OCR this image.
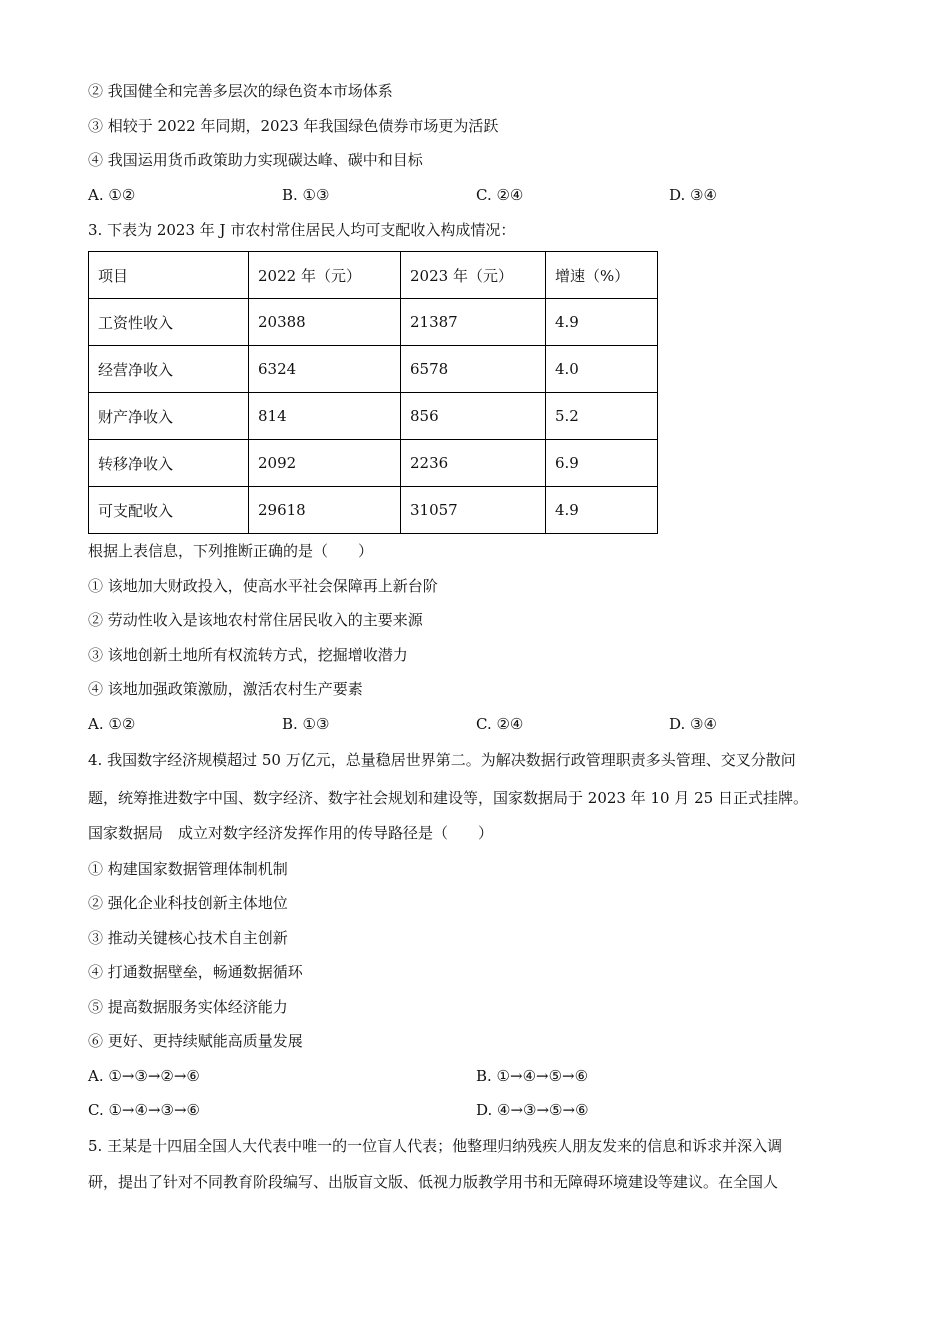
② 我国健全和完善多层次的绿色资本市场体系
③ 相较于 2022 年同期，2023 年我国绿色债券市场更为活跃
④ 我国运用货币政策助力实现碳达峰、碳中和目标
A. ①②	B. ①③	C. ②④	D. ③④
3. 下表为 2023 年 J 市农村常住居民人均可支配收入构成情况：
项目	2022 年（元）	2023 年（元）	增速（%）
工资性收入	20388	21387	4.9
经营净收入	6324	6578	4.0
财产净收入	814	856	5.2
转移净收入	2092	2236	6.9
可支配收入	29618	31057	4.9
根据上表信息，下列推断正确的是（　　）
① 该地加大财政投入，使高水平社会保障再上新台阶
② 劳动性收入是该地农村常住居民收入的主要来源
③ 该地创新土地所有权流转方式，挖掘增收潜力
④ 该地加强政策激励，激活农村生产要素
A. ①②	B. ①③	C. ②④	D. ③④
4. 我国数字经济规模超过 50 万亿元，总量稳居世界第二。为解决数据行政管理职责多头管理、交叉分散问
题，统筹推进数字中国、数字经济、数字社会规划和建设等，国家数据局于 2023 年 10 月 25 日正式挂牌。
国家数据局　成立对数字经济发挥作用的传导路径是（　　）
① 构建国家数据管理体制机制
② 强化企业科技创新主体地位
③ 推动关键核心技术自主创新
④ 打通数据壁垒，畅通数据循环
⑤ 提高数据服务实体经济能力
⑥ 更好、更持续赋能高质量发展
A. ①→③→②→⑥	B. ①→④→⑤→⑥
C. ①→④→③→⑥	D. ④→③→⑤→⑥
5. 王某是十四届全国人大代表中唯一的一位盲人代表；他整理归纳残疾人朋友发来的信息和诉求并深入调
研，提出了针对不同教育阶段编写、出版盲文版、低视力版教学用书和无障碍环境建设等建议。在全国人
